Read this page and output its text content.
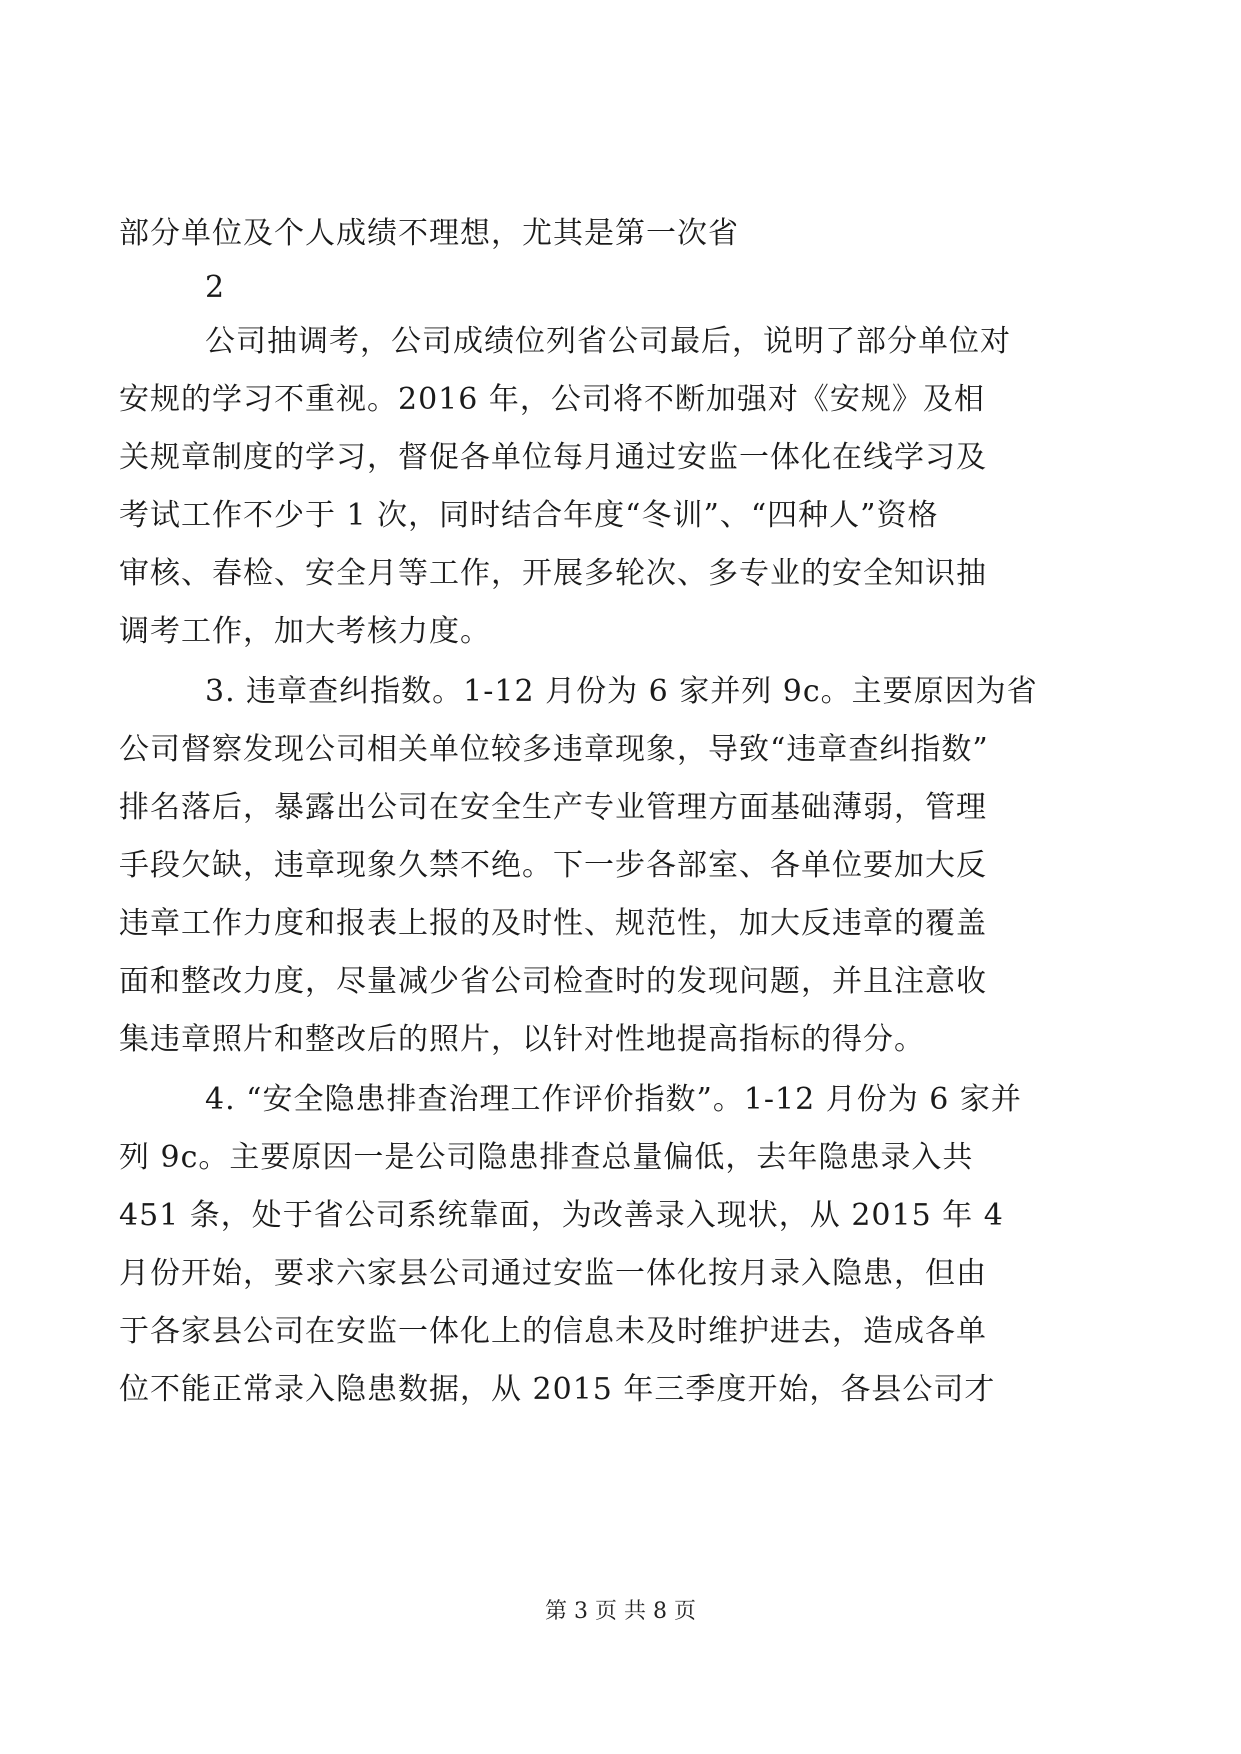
部分单位及个人成绩不理想，尤其是第一次省
2
公司抽调考，公司成绩位列省公司最后，说明了部分单位对
安规的学习不重视。2016 年，公司将不断加强对《安规》及相
关规章制度的学习，督促各单位每月通过安监一体化在线学习及
考试工作不少于 1 次，同时结合年度“冬训”、“四种人”资格
审核、春检、安全月等工作，开展多轮次、多专业的安全知识抽
调考工作，加大考核力度。
3. 违章查纠指数。1-12 月份为 6 家并列 9c。主要原因为省
公司督察发现公司相关单位较多违章现象，导致“违章查纠指数”
排名落后，暴露出公司在安全生产专业管理方面基础薄弱，管理
手段欠缺，违章现象久禁不绝。下一步各部室、各单位要加大反
违章工作力度和报表上报的及时性、规范性，加大反违章的覆盖
面和整改力度，尽量减少省公司检查时的发现问题，并且注意收
集违章照片和整改后的照片，以针对性地提高指标的得分。
4. “安全隐患排查治理工作评价指数”。1-12 月份为 6 家并
列 9c。主要原因一是公司隐患排查总量偏低，去年隐患录入共
451 条，处于省公司系统靠面，为改善录入现状，从 2015 年 4
月份开始，要求六家县公司通过安监一体化按月录入隐患，但由
于各家县公司在安监一体化上的信息未及时维护进去，造成各单
位不能正常录入隐患数据，从 2015 年三季度开始，各县公司才
第 3 页 共 8 页
